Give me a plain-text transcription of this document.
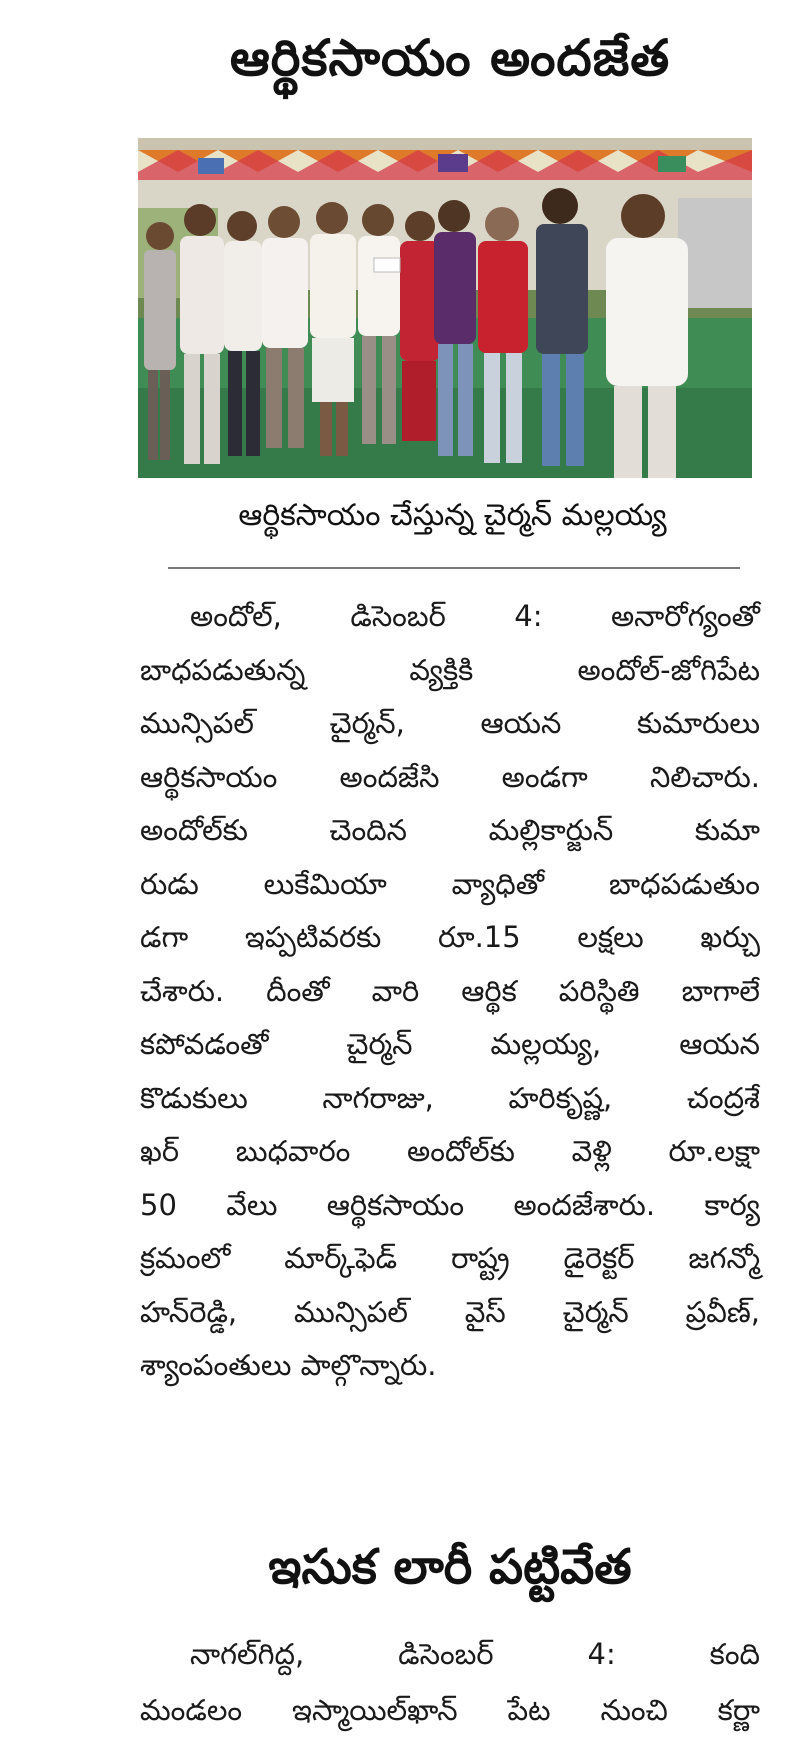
ఆర్థికసాయం అందజేత
ఆర్థికసాయం చేస్తున్న చైర్మన్ మల్లయ్య
అందోల్, డిసెంబర్ 4: అనారోగ్యంతో
బాధపడుతున్న వ్యక్తికి అందోల్-జోగిపేట
మున్సిపల్ చైర్మన్, ఆయన కుమారులు
ఆర్థికసాయం అందజేసి అండగా నిలిచారు.
అందోల్‌కు చెందిన మల్లికార్జున్ కుమా
రుడు లుకేమియా వ్యాధితో బాధపడుతుం
డగా ఇప్పటివరకు రూ.15 లక్షలు ఖర్చు
చేశారు. దీంతో వారి ఆర్థిక పరిస్థితి బాగాలే
కపోవడంతో చైర్మన్ మల్లయ్య, ఆయన
కొడుకులు నాగరాజు, హరికృష్ణ, చంద్రశే
ఖర్ బుధవారం అందోల్‌కు వెళ్లి రూ.లక్షా
50 వేలు ఆర్థికసాయం అందజేశారు. కార్య
క్రమంలో మార్క్‌ఫెడ్ రాష్ట్ర డైరెక్టర్ జగన్మో
హన్‌రెడ్డి, మున్సిపల్ వైస్ చైర్మన్ ప్రవీణ్,
శ్యాంపంతులు పాల్గొన్నారు.
ఇసుక లారీ పట్టివేత
నాగల్‌గిద్ద, డిసెంబర్ 4: కంది
మండలం ఇస్మాయిల్‌ఖాన్ పేట నుంచి కర్ణా
